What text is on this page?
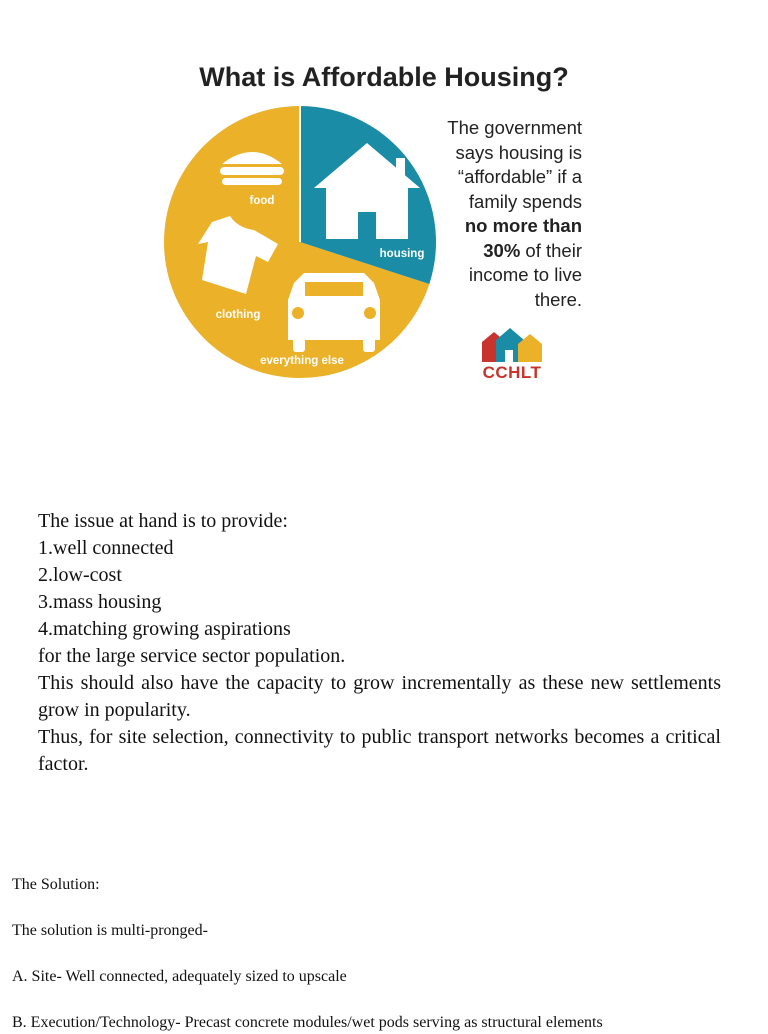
What is Affordable Housing?
food
housing
clothing
everything else
The government
says housing is
“affordable” if a
family spends
no more than
30% of their
income to live
there.
CCHLT
The issue at hand is to provide:
1.well connected
2.low-cost
3.mass housing
4.matching growing aspirations
for the large service sector population.
This should also have the capacity to grow incrementally as these new settlements grow in popularity.
Thus, for site selection, connectivity to public transport networks becomes a critical factor.
The Solution:
The solution is multi-pronged-
A. Site- Well connected, adequately sized to upscale
B. Execution/Technology- Precast concrete modules/wet pods serving as structural elements
